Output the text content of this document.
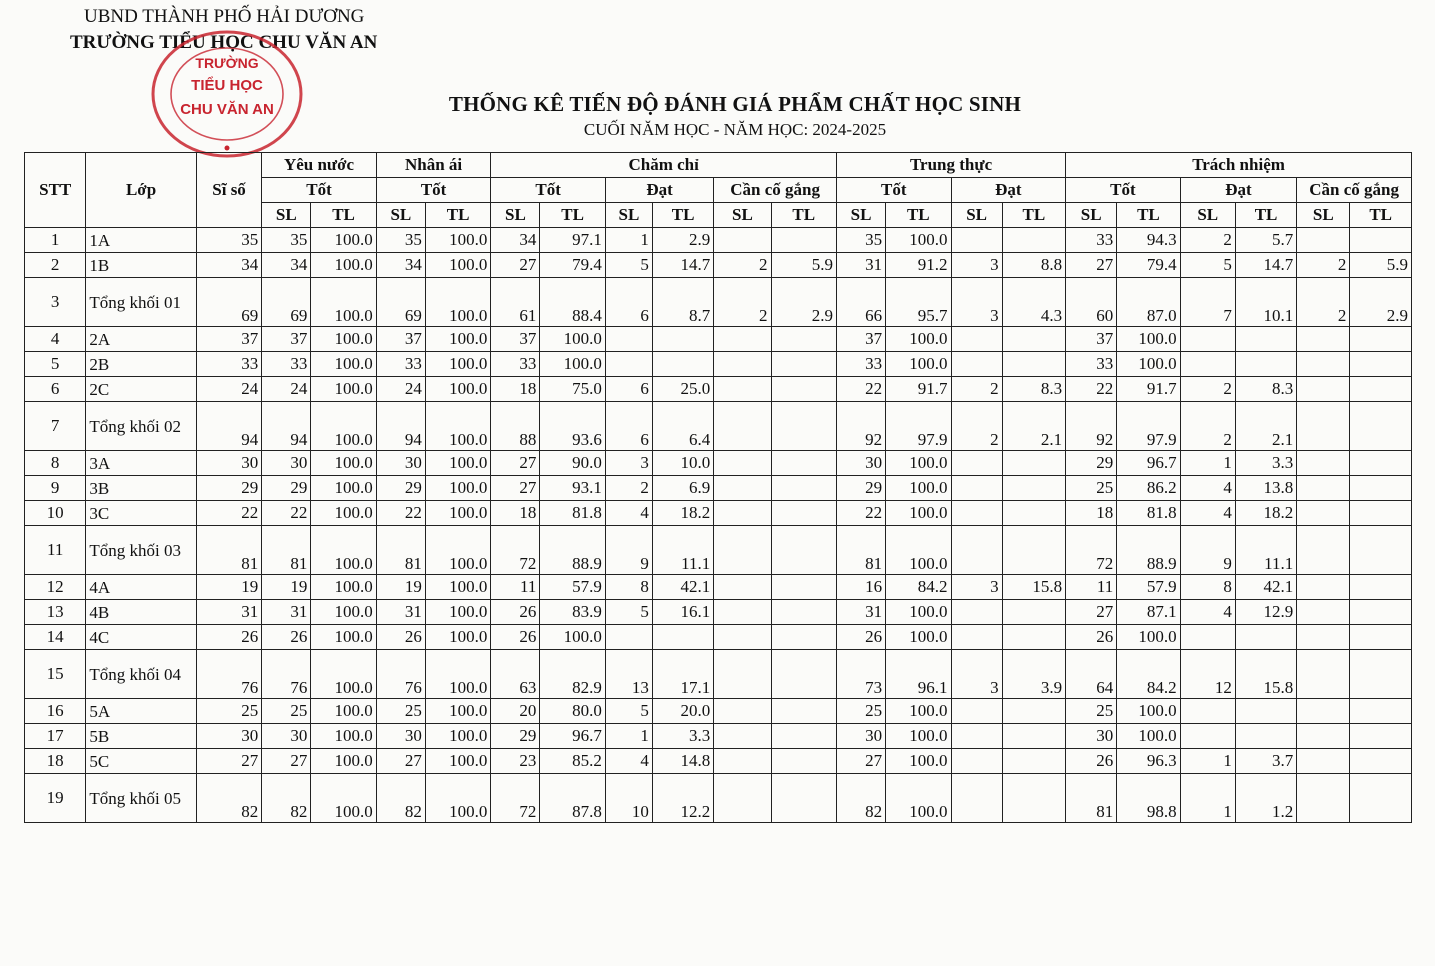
UBND THÀNH PHỐ HẢI DƯƠNG
TRƯỜNG TIỂU HỌC CHU VĂN AN
TRƯỜNG
TIỂU HỌC
CHU VĂN AN	THỐNG KÊ TIẾN ĐỘ ĐÁNH GIÁ PHẨM CHẤT HỌC SINH
CUỐI NĂM HỌC - NĂM HỌC: 2024-2025
STT	Lớp	Sĩ số	Yêu nước		Nhân ái		Chăm chỉ						Trung thực				Trách nhiệm					
			Tốt		Tốt		Tốt		Đạt		Cần cố gắng		Tốt		Đạt		Tốt		Đạt		Cần cố gắng	
			SL	TL	SL	TL	SL	TL	SL	TL	SL	TL	SL	TL	SL	TL	SL	TL	SL	TL	SL	TL
1	1A	35	35	100.0	35	100.0	34	97.1	1	2.9			35	100.0			33	94.3	2	5.7		
2	1B	34	34	100.0	34	100.0	27	79.4	5	14.7	2	5.9	31	91.2	3	8.8	27	79.4	5	14.7	2	5.9
3	Tổng khối 01	69	69	100.0	69	100.0	61	88.4	6	8.7	2	2.9	66	95.7	3	4.3	60	87.0	7	10.1	2	2.9
4	2A	37	37	100.0	37	100.0	37	100.0					37	100.0			37	100.0				
5	2B	33	33	100.0	33	100.0	33	100.0					33	100.0			33	100.0				
6	2C	24	24	100.0	24	100.0	18	75.0	6	25.0			22	91.7	2	8.3	22	91.7	2	8.3		
7	Tổng khối 02	94	94	100.0	94	100.0	88	93.6	6	6.4			92	97.9	2	2.1	92	97.9	2	2.1		
8	3A	30	30	100.0	30	100.0	27	90.0	3	10.0			30	100.0			29	96.7	1	3.3		
9	3B	29	29	100.0	29	100.0	27	93.1	2	6.9			29	100.0			25	86.2	4	13.8		
10	3C	22	22	100.0	22	100.0	18	81.8	4	18.2			22	100.0			18	81.8	4	18.2		
11	Tổng khối 03	81	81	100.0	81	100.0	72	88.9	9	11.1			81	100.0			72	88.9	9	11.1		
12	4A	19	19	100.0	19	100.0	11	57.9	8	42.1			16	84.2	3	15.8	11	57.9	8	42.1		
13	4B	31	31	100.0	31	100.0	26	83.9	5	16.1			31	100.0			27	87.1	4	12.9		
14	4C	26	26	100.0	26	100.0	26	100.0					26	100.0			26	100.0				
15	Tổng khối 04	76	76	100.0	76	100.0	63	82.9	13	17.1			73	96.1	3	3.9	64	84.2	12	15.8		
16	5A	25	25	100.0	25	100.0	20	80.0	5	20.0			25	100.0			25	100.0				
17	5B	30	30	100.0	30	100.0	29	96.7	1	3.3			30	100.0			30	100.0				
18	5C	27	27	100.0	27	100.0	23	85.2	4	14.8			27	100.0			26	96.3	1	3.7		
19	Tổng khối 05	82	82	100.0	82	100.0	72	87.8	10	12.2			82	100.0			81	98.8	1	1.2		
